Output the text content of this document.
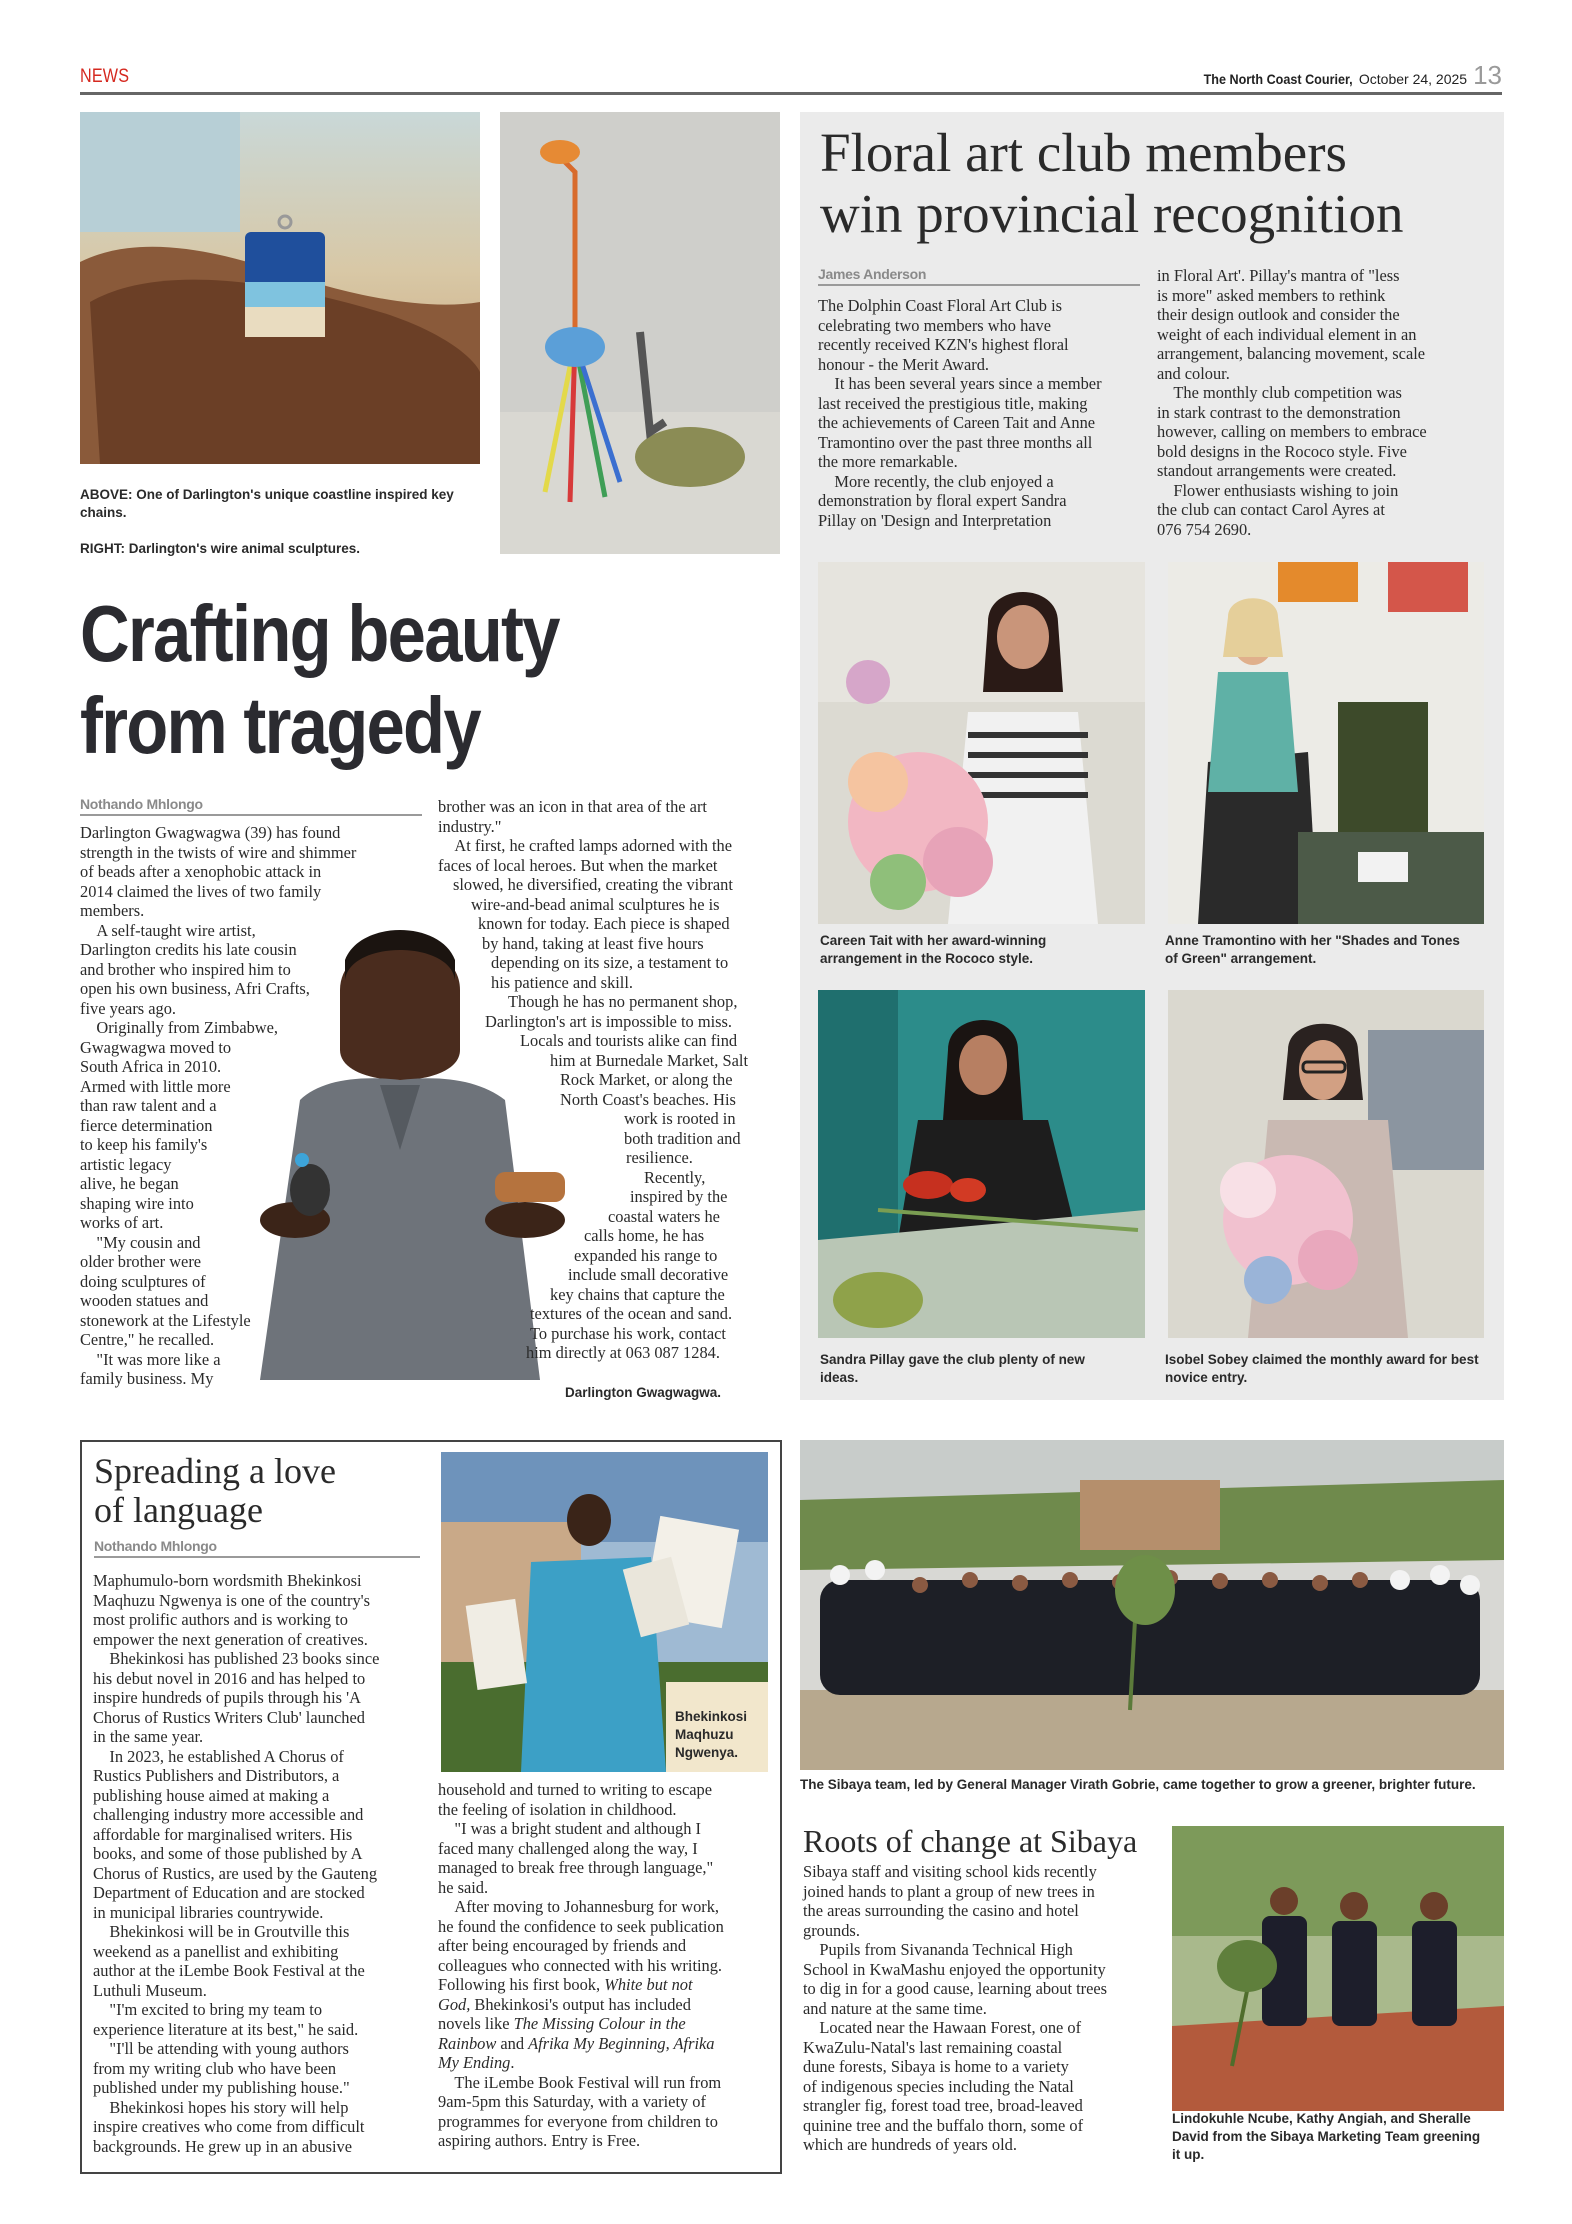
NEWS	The North Coast Courier, October 24, 2025 13
ABOVE: One of Darlington's unique coastline inspired key chains.
RIGHT: Darlington's wire animal sculptures.
Crafting beauty
from tragedy
Nothando Mhlongo
Darlington Gwagwagwa (39) has found
strength in the twists of wire and shimmer
of beads after a xenophobic attack in
2014 claimed the lives of two family
members.
 A self-taught wire artist,
Darlington credits his late cousin
and brother who inspired him to
open his own business, Afri Crafts,
five years ago.
 Originally from Zimbabwe,
Gwagwagwa moved to
South Africa in 2010.
Armed with little more
than raw talent and a
fierce determination
to keep his family's
artistic legacy
alive, he began
shaping wire into
works of art.
 "My cousin and
older brother were
doing sculptures of
wooden statues and
stonework at the Lifestyle
Centre," he recalled.
 "It was more like a
family business. My
brother was an icon in that area of the art
industry."
 At first, he crafted lamps adorned with the
faces of local heroes. But when the market
slowed, he diversified, creating the vibrant
wire-and-bead animal sculptures he is
known for today. Each piece is shaped
by hand, taking at least five hours
depending on its size, a testament to
his patience and skill.
Though he has no permanent shop,
Darlington's art is impossible to miss.
Locals and tourists alike can find
him at Burnedale Market, Salt
Rock Market, or along the
North Coast's beaches. His
work is rooted in
both tradition and
resilience.
Recently,
inspired by the
coastal waters he
calls home, he has
expanded his range to
include small decorative
key chains that capture the
textures of the ocean and sand.
To purchase his work, contact
him directly at 063 087 1284.
Darlington Gwagwagwa.
Floral art club members
win provincial recognition
James Anderson
The Dolphin Coast Floral Art Club is
celebrating two members who have
recently received KZN's highest floral
honour - the Merit Award.
 It has been several years since a member
last received the prestigious title, making
the achievements of Careen Tait and Anne
Tramontino over the past three months all
the more remarkable.
 More recently, the club enjoyed a
demonstration by floral expert Sandra
Pillay on 'Design and Interpretation
in Floral Art'. Pillay's mantra of "less
is more" asked members to rethink
their design outlook and consider the
weight of each individual element in an
arrangement, balancing movement, scale
and colour.
 The monthly club competition was
in stark contrast to the demonstration
however, calling on members to embrace
bold designs in the Rococo style. Five
standout arrangements were created.
 Flower enthusiasts wishing to join
the club can contact Carol Ayres at
076 754 2690.
Careen Tait with her award-winning arrangement in the Rococo style.
Anne Tramontino with her "Shades and Tones of Green" arrangement.
Sandra Pillay gave the club plenty of new ideas.
Isobel Sobey claimed the monthly award for best novice entry.
Spreading a love
of language
Nothando Mhlongo
Maphumulo-born wordsmith Bhekinkosi
Maqhuzu Ngwenya is one of the country's
most prolific authors and is working to
empower the next generation of creatives.
 Bhekinkosi has published 23 books since
his debut novel in 2016 and has helped to
inspire hundreds of pupils through his 'A
Chorus of Rustics Writers Club' launched
in the same year.
 In 2023, he established A Chorus of
Rustics Publishers and Distributors, a
publishing house aimed at making a
challenging industry more accessible and
affordable for marginalised writers. His
books, and some of those published by A
Chorus of Rustics, are used by the Gauteng
Department of Education and are stocked
in municipal libraries countrywide.
 Bhekinkosi will be in Groutville this
weekend as a panellist and exhibiting
author at the iLembe Book Festival at the
Luthuli Museum.
 "I'm excited to bring my team to
experience literature at its best," he said.
 "I'll be attending with young authors
from my writing club who have been
published under my publishing house."
 Bhekinkosi hopes his story will help
inspire creatives who come from difficult
backgrounds. He grew up in an abusive
Bhekinkosi
Maqhuzu
Ngwenya.
household and turned to writing to escape
the feeling of isolation in childhood.
 "I was a bright student and although I
faced many challenged along the way, I
managed to break free through language,"
he said.
 After moving to Johannesburg for work,
he found the confidence to seek publication
after being encouraged by friends and
colleagues who connected with his writing.
Following his first book, White but not
God, Bhekinkosi's output has included
novels like The Missing Colour in the
Rainbow and Afrika My Beginning, Afrika
My Ending.
 The iLembe Book Festival will run from
9am-5pm this Saturday, with a variety of
programmes for everyone from children to
aspiring authors. Entry is Free.
The Sibaya team, led by General Manager Virath Gobrie, came together to grow a greener, brighter future.
Roots of change at Sibaya
Sibaya staff and visiting school kids recently
joined hands to plant a group of new trees in
the areas surrounding the casino and hotel
grounds.
 Pupils from Sivananda Technical High
School in KwaMashu enjoyed the opportunity
to dig in for a good cause, learning about trees
and nature at the same time.
 Located near the Hawaan Forest, one of
KwaZulu-Natal's last remaining coastal
dune forests, Sibaya is home to a variety
of indigenous species including the Natal
strangler fig, forest toad tree, broad-leaved
quinine tree and the buffalo thorn, some of
which are hundreds of years old.
Lindokuhle Ncube, Kathy Angiah, and Sheralle David from the Sibaya Marketing Team greening it up.
